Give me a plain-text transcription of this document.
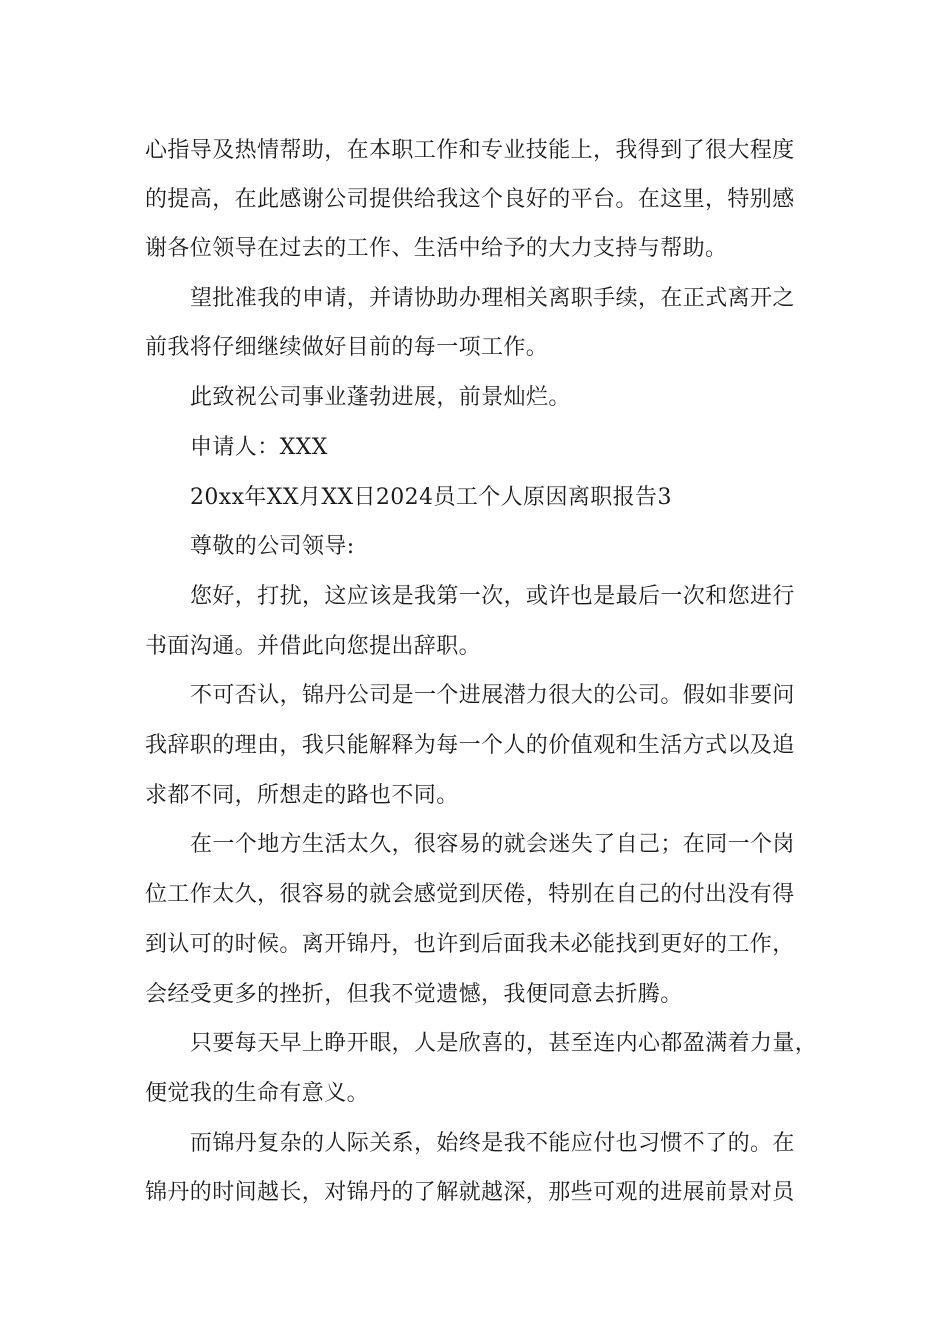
心指导及热情帮助，在本职工作和专业技能上，我得到了很大程度

的提高，在此感谢公司提供给我这个良好的平台。在这里，特别感

谢各位领导在过去的工作、生活中给予的大力支持与帮助。

望批准我的申请，并请协助办理相关离职手续，在正式离开之

前我将仔细继续做好目前的每一项工作。

此致祝公司事业蓬勃进展，前景灿烂。

申请人：XXX

20xx年XX月XX日2024员工个人原因离职报告3

尊敬的公司领导:

您好，打扰，这应该是我第一次，或许也是最后一次和您进行

书面沟通。并借此向您提出辞职。

不可否认，锦丹公司是一个进展潜力很大的公司。假如非要问

我辞职的理由，我只能解释为每一个人的价值观和生活方式以及追

求都不同，所想走的路也不同。

在一个地方生活太久，很容易的就会迷失了自己；在同一个岗

位工作太久，很容易的就会感觉到厌倦，特别在自己的付出没有得

到认可的时候。离开锦丹，也许到后面我未必能找到更好的工作，

会经受更多的挫折，但我不觉遗憾，我便同意去折腾。

只要每天早上睁开眼，人是欣喜的，甚至连内心都盈满着力量，

便觉我的生命有意义。

而锦丹复杂的人际关系，始终是我不能应付也习惯不了的。在

锦丹的时间越长，对锦丹的了解就越深，那些可观的进展前景对员
